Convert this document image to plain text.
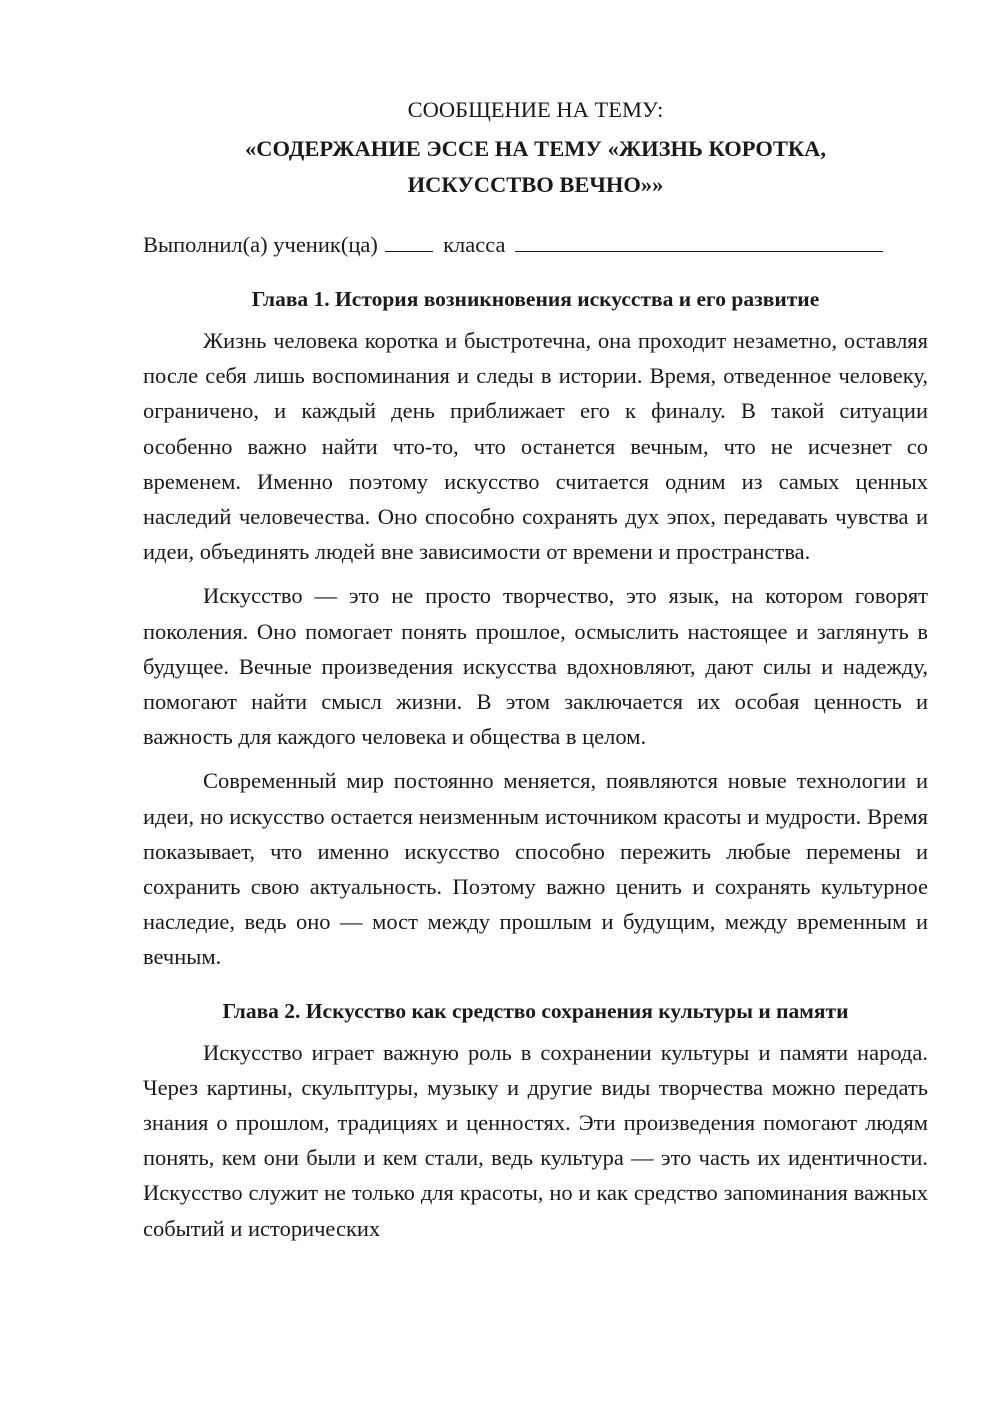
СООБЩЕНИЕ НА ТЕМУ:

«СОДЕРЖАНИЕ ЭССЕ НА ТЕМУ «ЖИЗНЬ КОРОТКА,

ИСКУССТВО ВЕЧНО»»

Выполнил(а) ученик(ца)	класса

Глава 1. История возникновения искусства и его развитие

Жизнь человека коротка и быстротечна, она проходит незаметно, оставляя после себя лишь воспоминания и следы в истории. Время, отведенное человеку, ограничено, и каждый день приближает его к финалу. В такой ситуации особенно важно найти что-то, что останется вечным, что не исчезнет со временем. Именно поэтому искусство считается одним из самых ценных наследий человечества. Оно способно сохранять дух эпох, передавать чувства и идеи, объединять людей вне зависимости от времени и пространства.

Искусство — это не просто творчество, это язык, на котором говорят поколения. Оно помогает понять прошлое, осмыслить настоящее и заглянуть в будущее. Вечные произведения искусства вдохновляют, дают силы и надежду, помогают найти смысл жизни. В этом заключается их особая ценность и важность для каждого человека и общества в целом.

Современный мир постоянно меняется, появляются новые технологии и идеи, но искусство остается неизменным источником красоты и мудрости. Время показывает, что именно искусство способно пережить любые перемены и сохранить свою актуальность. Поэтому важно ценить и сохранять культурное наследие, ведь оно — мост между прошлым и будущим, между временным и вечным.

Глава 2. Искусство как средство сохранения культуры и памяти

Искусство играет важную роль в сохранении культуры и памяти народа. Через картины, скульптуры, музыку и другие виды творчества можно передать знания о прошлом, традициях и ценностях. Эти произведения помогают людям понять, кем они были и кем стали, ведь культура — это часть их идентичности. Искусство служит не только для красоты, но и как средство запоминания важных событий и исторических
